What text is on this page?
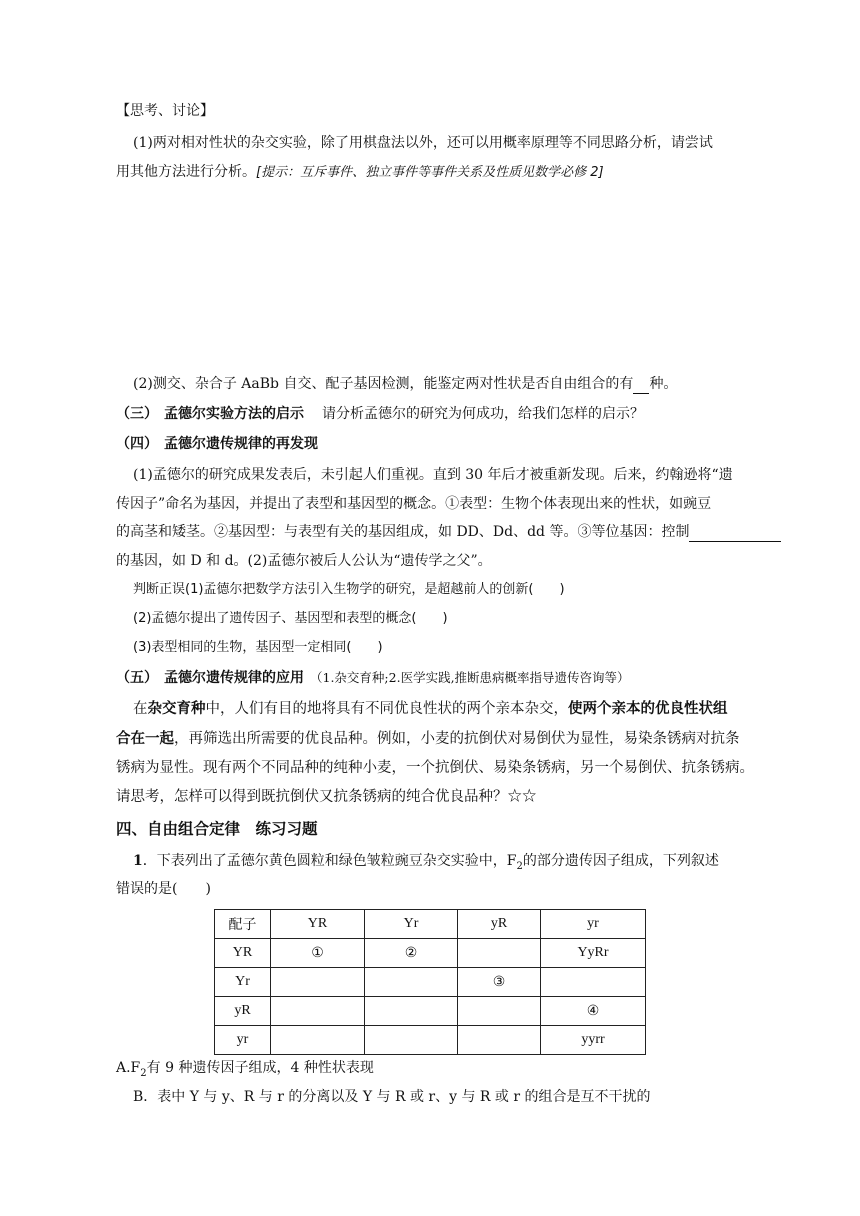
【思考、讨论】
(1)两对相对性状的杂交实验，除了用棋盘法以外，还可以用概率原理等不同思路分析，请尝试
用其他方法进行分析。[提示：互斥事件、独立事件等事件关系及性质见数学必修 2]
(2)测交、杂合子 AaBb 自交、配子基因检测，能鉴定两对性状是否自由组合的有 种。
（三） 孟德尔实验方法的启示 请分析孟德尔的研究为何成功，给我们怎样的启示？
（四） 孟德尔遗传规律的再发现
(1)孟德尔的研究成果发表后，未引起人们重视。直到 30 年后才被重新发现。后来，约翰逊将“遗
传因子”命名为基因，并提出了表型和基因型的概念。①表型：生物个体表现出来的性状，如豌豆
的高茎和矮茎。②基因型：与表型有关的基因组成，如 DD、Dd、dd 等。③等位基因：控制
的基因，如 D 和 d。(2)孟德尔被后人公认为“遗传学之父”。
判断正误(1)孟德尔把数学方法引入生物学的研究，是超越前人的创新(　　)
(2)孟德尔提出了遗传因子、基因型和表型的概念(　　)
(3)表型相同的生物，基因型一定相同(　　)
（五） 孟德尔遗传规律的应用 （1.杂交育种;2.医学实践,推断患病概率指导遗传咨询等）
在杂交育种中，人们有目的地将具有不同优良性状的两个亲本杂交，使两个亲本的优良性状组
合在一起，再筛选出所需要的优良品种。例如，小麦的抗倒伏对易倒伏为显性，易染条锈病对抗条
锈病为显性。现有两个不同品种的纯种小麦，一个抗倒伏、易染条锈病，另一个易倒伏、抗条锈病。
请思考，怎样可以得到既抗倒伏又抗条锈病的纯合优良品种？☆☆
四、自由组合定律　练习习题
1．下表列出了孟德尔黄色圆粒和绿色皱粒豌豆杂交实验中，$F_2$的部分遗传因子组成，下列叙述
错误的是(　　)
配子	YR	Yr	yR	yr
YR	①	②		YyRr
Yr			③	
yR				④
yr				yyrr
$A.F_2$有 9 种遗传因子组成，4 种性状表现
B．表中 Y 与 y、R 与 r 的分离以及 Y 与 R 或 r、y 与 R 或 r 的组合是互不干扰的
